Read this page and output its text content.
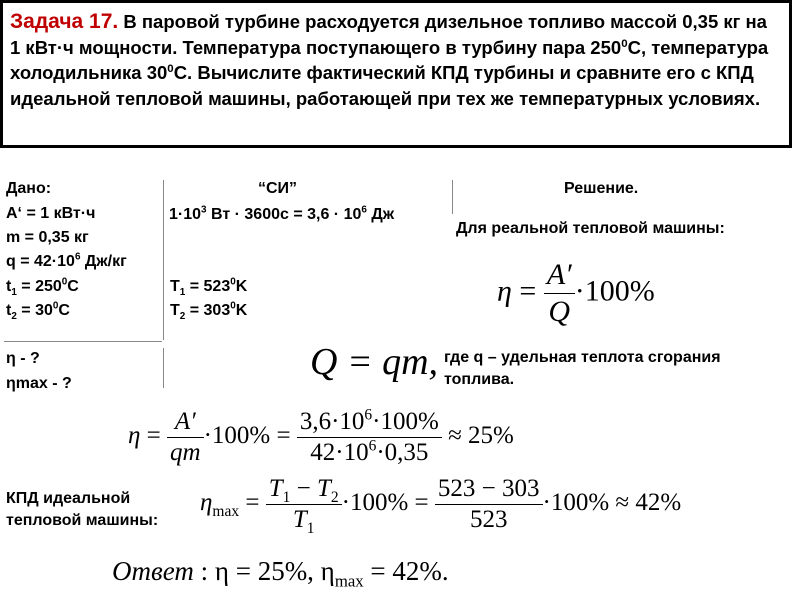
Задача 17. В паровой турбине расходуется дизельное топливо массой 0,35 кг на 1 кВт·ч мощности. Температура поступающего в турбину пара $250^0С$, температура холодильника $30^0С$. Вычислите фактический КПД турбины и сравните его с КПД идеальной тепловой машины, работающей при тех же температурных условиях.
Дано:
A‘ = 1 кВт·ч
m = 0,35 кг
$q = 42\cdot 10^6$ Дж/кг
$t_1 = 250^0C$
$t_2 = 30^0C$
η - ?
ηmax - ?
“СИ”
$1\cdot 10^3$ Вт · $3600с = 3,6 \cdot 10^6$ Дж
$T_1 = 523^0K$
$T_2 = 303^0K$
Решение.
Для реальной тепловой машины:
где q – удельная теплота сгорания топлива.
КПД идеальной тепловой машины:
$\eta = \frac{A'}{Q} \cdot 100\%$
Q = qm,
$\eta = \frac{A'}{qm} \cdot 100\% = \frac{3,6\cdot 10^6\cdot 100\%}{42\cdot 10^6\cdot 0,35} \approx 25\%$
$\eta_{max} = \frac{T_1 - T_2}{T_1} \cdot 100\% = \frac{523 - 303}{523} \cdot 100\% \approx 42\%$
Ответ : η = 25%, $\eta_{max} = 42\%$.
